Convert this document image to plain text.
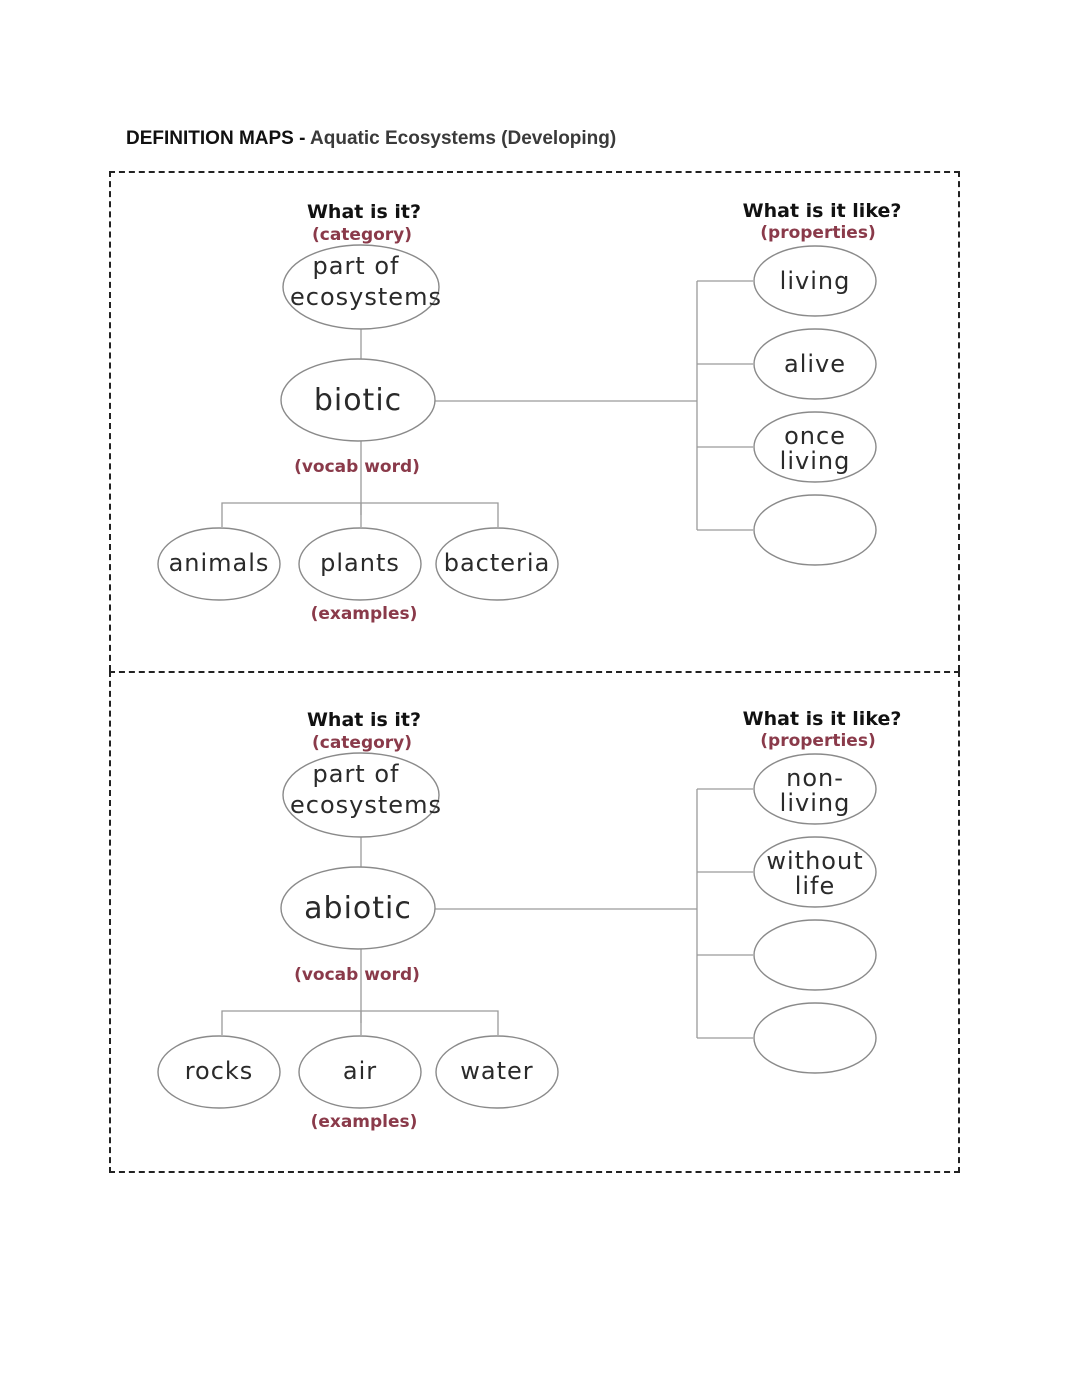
DEFINITION MAPS - Aquatic Ecosystems (Developing)
What is it?
(category)
What is it like?
(properties)
part of
ecosystems
biotic
(vocab word)
animals plants bacteria
(examples)
living
alive
once
living
What is it?
(category)
What is it like?
(properties)
part of
ecosystems
abiotic
(vocab word)
rocks	air	water
(examples)
non-
living
without
life
